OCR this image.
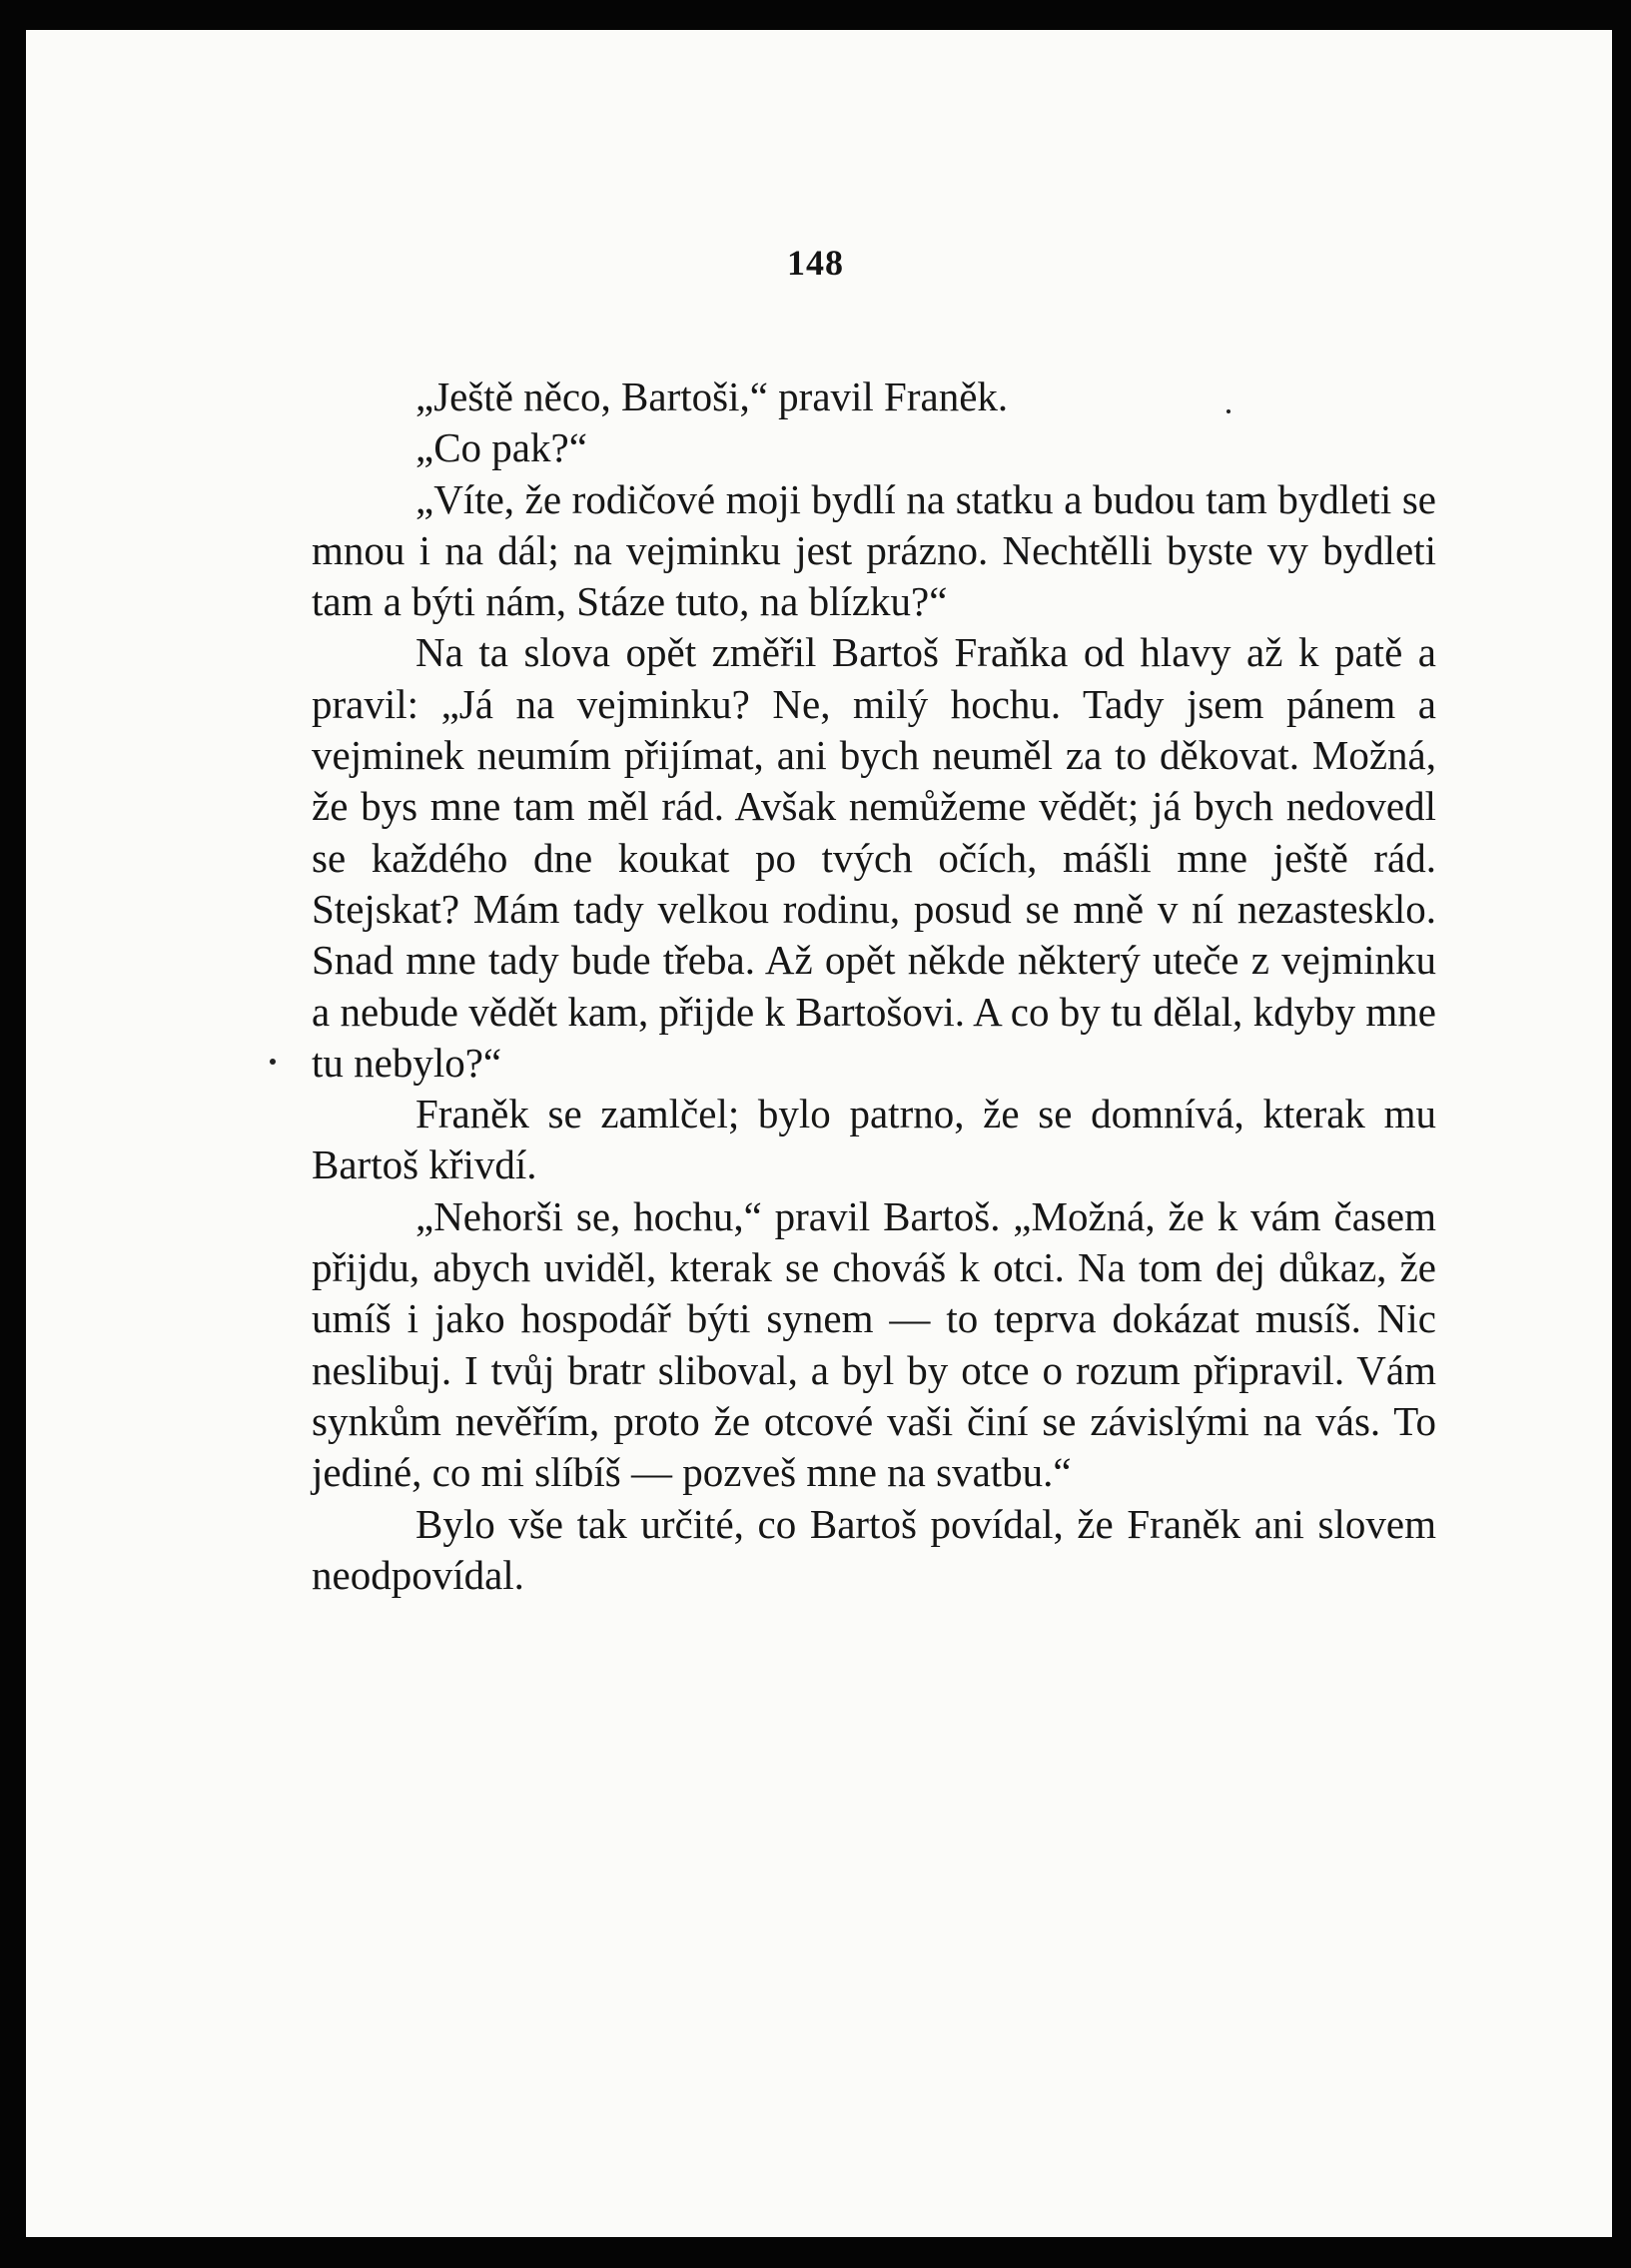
148

„Ještě něco, Bartoši,“ pravil Franěk.

„Co pak?“

„Víte, že rodičové moji bydlí na statku a budou tam bydleti se mnou i na dál; na vejminku jest prázno. Nechtělli byste vy bydleti tam a býti nám, Stáze tuto, na blízku?“

Na ta slova opět změřil Bartoš Fraňka od hlavy až k patě a pravil: „Já na vejminku? Ne, milý hochu. Tady jsem pánem a vejminek neumím přijímat, ani bych neuměl za to děkovat. Možná, že bys mne tam měl rád. Avšak nemůžeme vědět; já bych nedovedl se každého dne koukat po tvých očích, mášli mne ještě rád. Stejskat? Mám tady velkou rodinu, posud se mně v ní nezastesklo. Snad mne tady bude třeba. Až opět někde některý uteče z vejminku a nebude vědět kam, přijde k Bartošovi. A co by tu dělal, kdyby mne tu nebylo?“

Franěk se zamlčel; bylo patrno, že se domnívá, kterak mu Bartoš křivdí.

„Nehorši se, hochu,“ pravil Bartoš. „Možná, že k vám časem přijdu, abych uviděl, kterak se chováš k otci. Na tom dej důkaz, že umíš i jako hospodář býti synem — to teprva dokázat musíš. Nic neslibuj. I tvůj bratr sliboval, a byl by otce o rozum připravil. Vám synkům nevěřím, proto že otcové vaši činí se závislými na vás. To jediné, co mi slíbíš — pozveš mne na svatbu.“

Bylo vše tak určité, co Bartoš povídal, že Franěk ani slovem neodpovídal.
